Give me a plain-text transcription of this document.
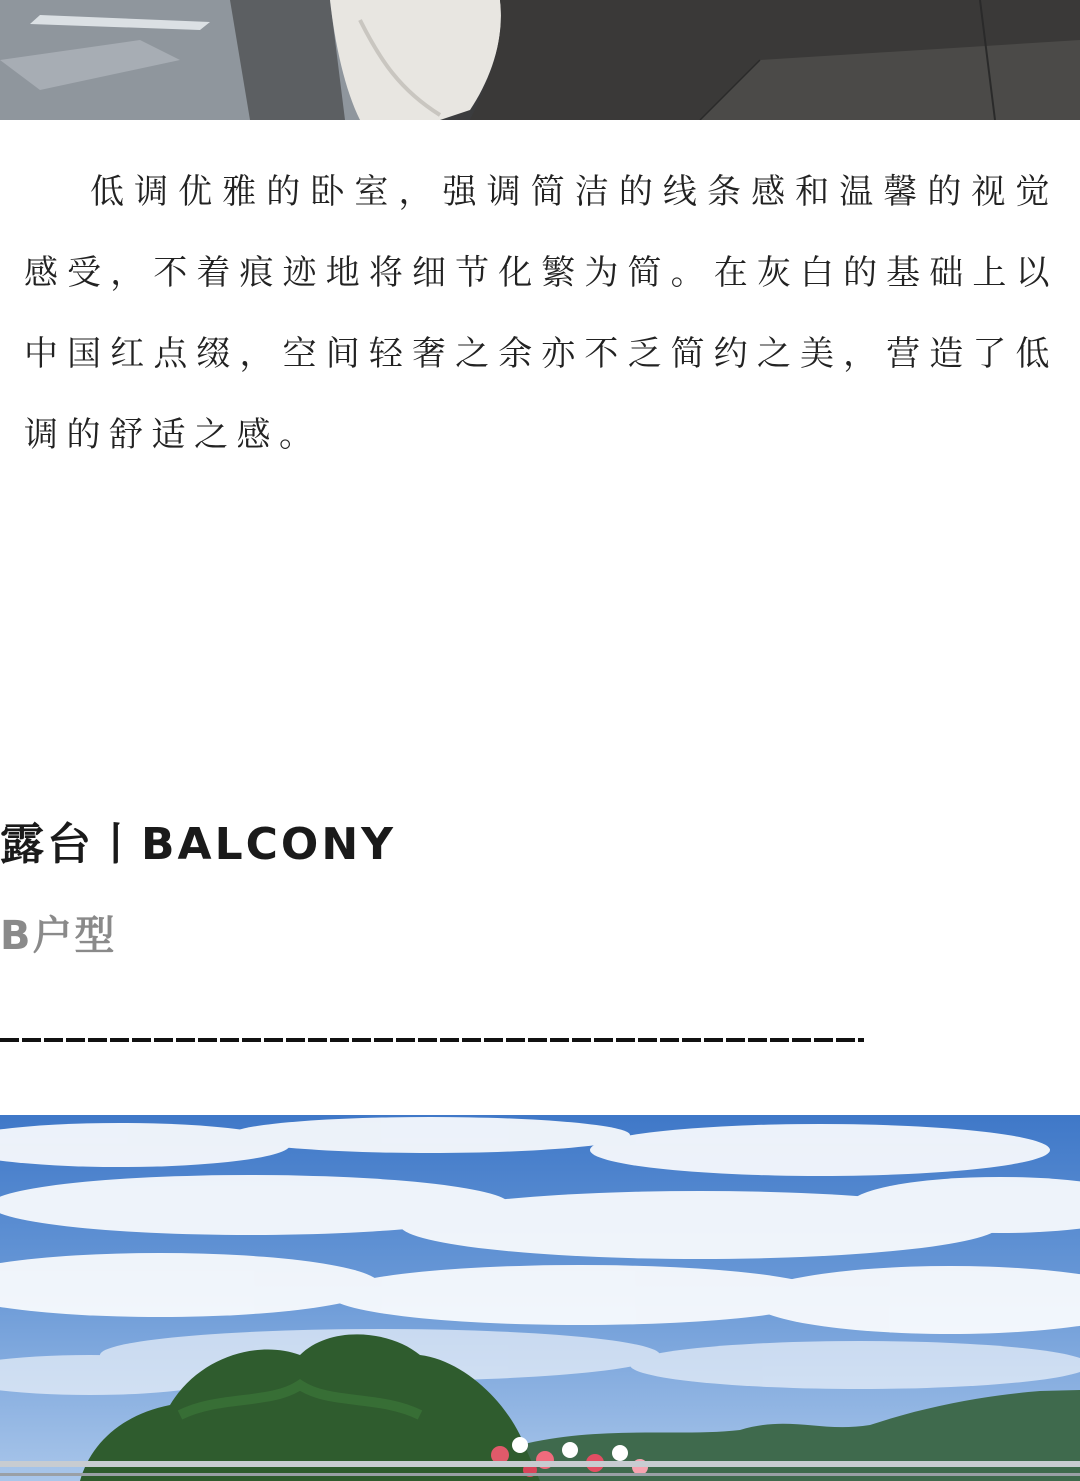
低调优雅的卧室，强调简洁的线条感和温馨的视觉感受，不着痕迹地将细节化繁为简。在灰白的基础上以中国红点缀，空间轻奢之余亦不乏简约之美，营造了低调的舒适之感。

露台丨BALCONY
B户型
